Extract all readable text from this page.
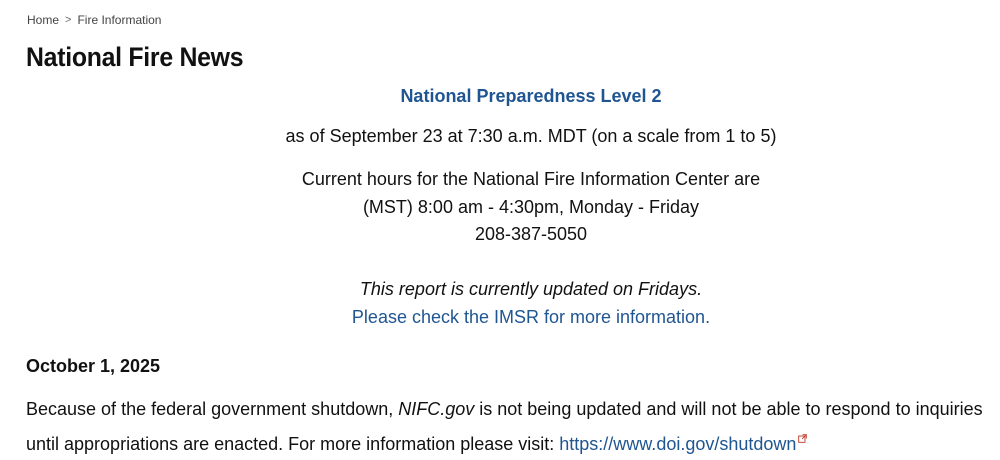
Home > Fire Information
National Fire News
National Preparedness Level 2
as of September 23 at 7:30 a.m. MDT (on a scale from 1 to 5)
Current hours for the National Fire Information Center are
(MST) 8:00 am - 4:30pm, Monday - Friday
208-387-5050
This report is currently updated on Fridays.
Please check the IMSR for more information.
October 1, 2025

Because of the federal government shutdown, NIFC.gov is not being updated and will not be able to respond to inquiries until appropriations are enacted. For more information please visit: https://www.doi.gov/shutdown
